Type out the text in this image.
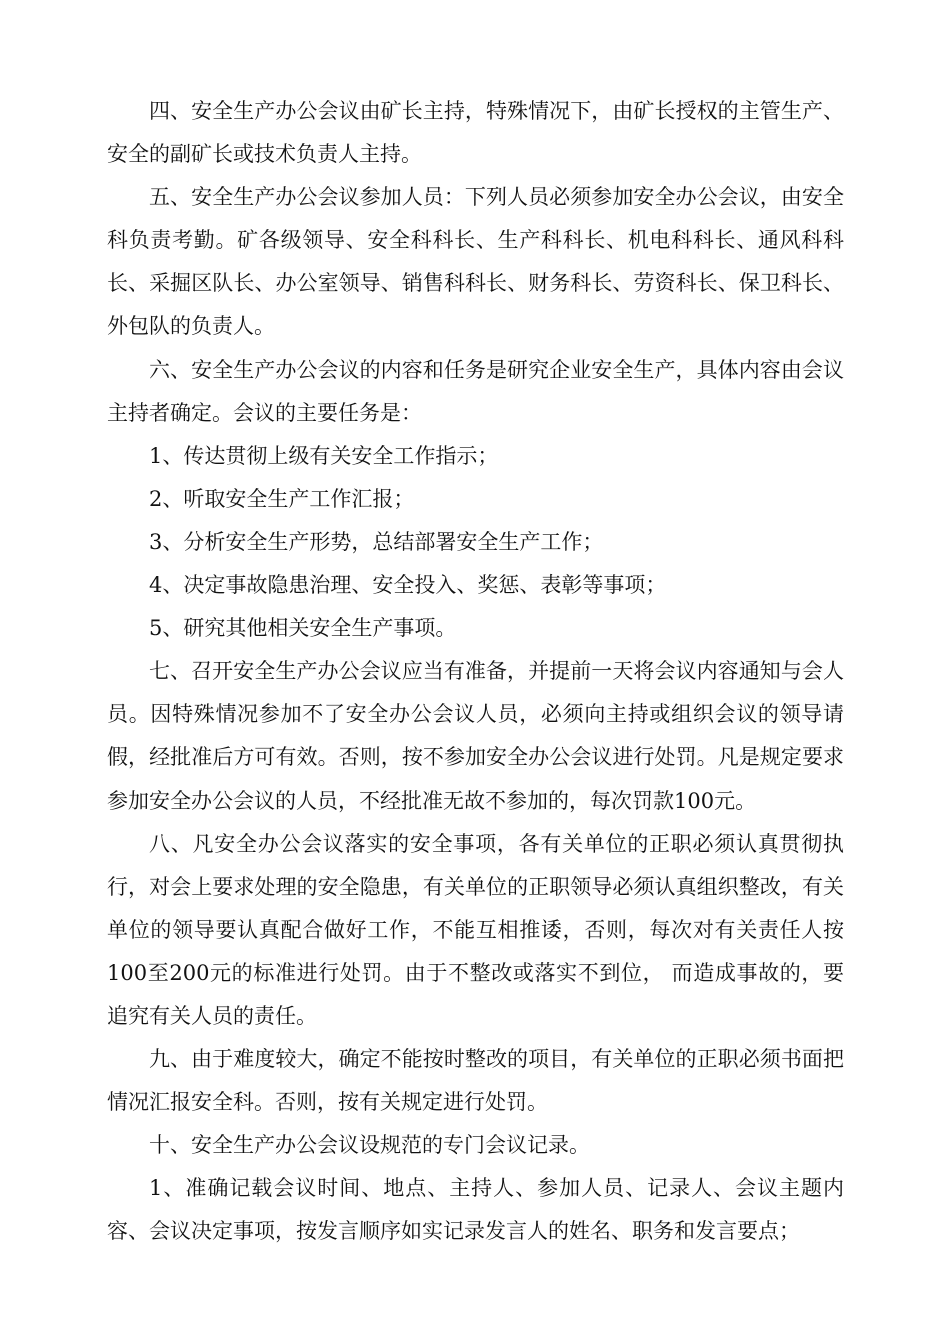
四、安全生产办公会议由矿长主持，特殊情况下，由矿长授权的主管生产、安全的副矿长或技术负责人主持。

五、安全生产办公会议参加人员：下列人员必须参加安全办公会议，由安全科负责考勤。矿各级领导、安全科科长、生产科科长、机电科科长、通风科科长、采掘区队长、办公室领导、销售科科长、财务科长、劳资科长、保卫科长、外包队的负责人。

六、安全生产办公会议的内容和任务是研究企业安全生产，具体内容由会议主持者确定。会议的主要任务是：

1、传达贯彻上级有关安全工作指示；

2、听取安全生产工作汇报；

3、分析安全生产形势，总结部署安全生产工作；

4、决定事故隐患治理、安全投入、奖惩、表彰等事项；

5、研究其他相关安全生产事项。

七、召开安全生产办公会议应当有准备，并提前一天将会议内容通知与会人员。因特殊情况参加不了安全办公会议人员，必须向主持或组织会议的领导请假，经批准后方可有效。否则，按不参加安全办公会议进行处罚。凡是规定要求参加安全办公会议的人员，不经批准无故不参加的，每次罚款100元。

八、凡安全办公会议落实的安全事项，各有关单位的正职必须认真贯彻执行，对会上要求处理的安全隐患，有关单位的正职领导必须认真组织整改，有关单位的领导要认真配合做好工作，不能互相推诿，否则，每次对有关责任人按100至200元的标准进行处罚。由于不整改或落实不到位， 而造成事故的，要追究有关人员的责任。

九、由于难度较大，确定不能按时整改的项目，有关单位的正职必须书面把情况汇报安全科。否则，按有关规定进行处罚。

十、安全生产办公会议设规范的专门会议记录。

1、准确记载会议时间、地点、主持人、参加人员、记录人、会议主题内容、会议决定事项，按发言顺序如实记录发言人的姓名、职务和发言要点；
